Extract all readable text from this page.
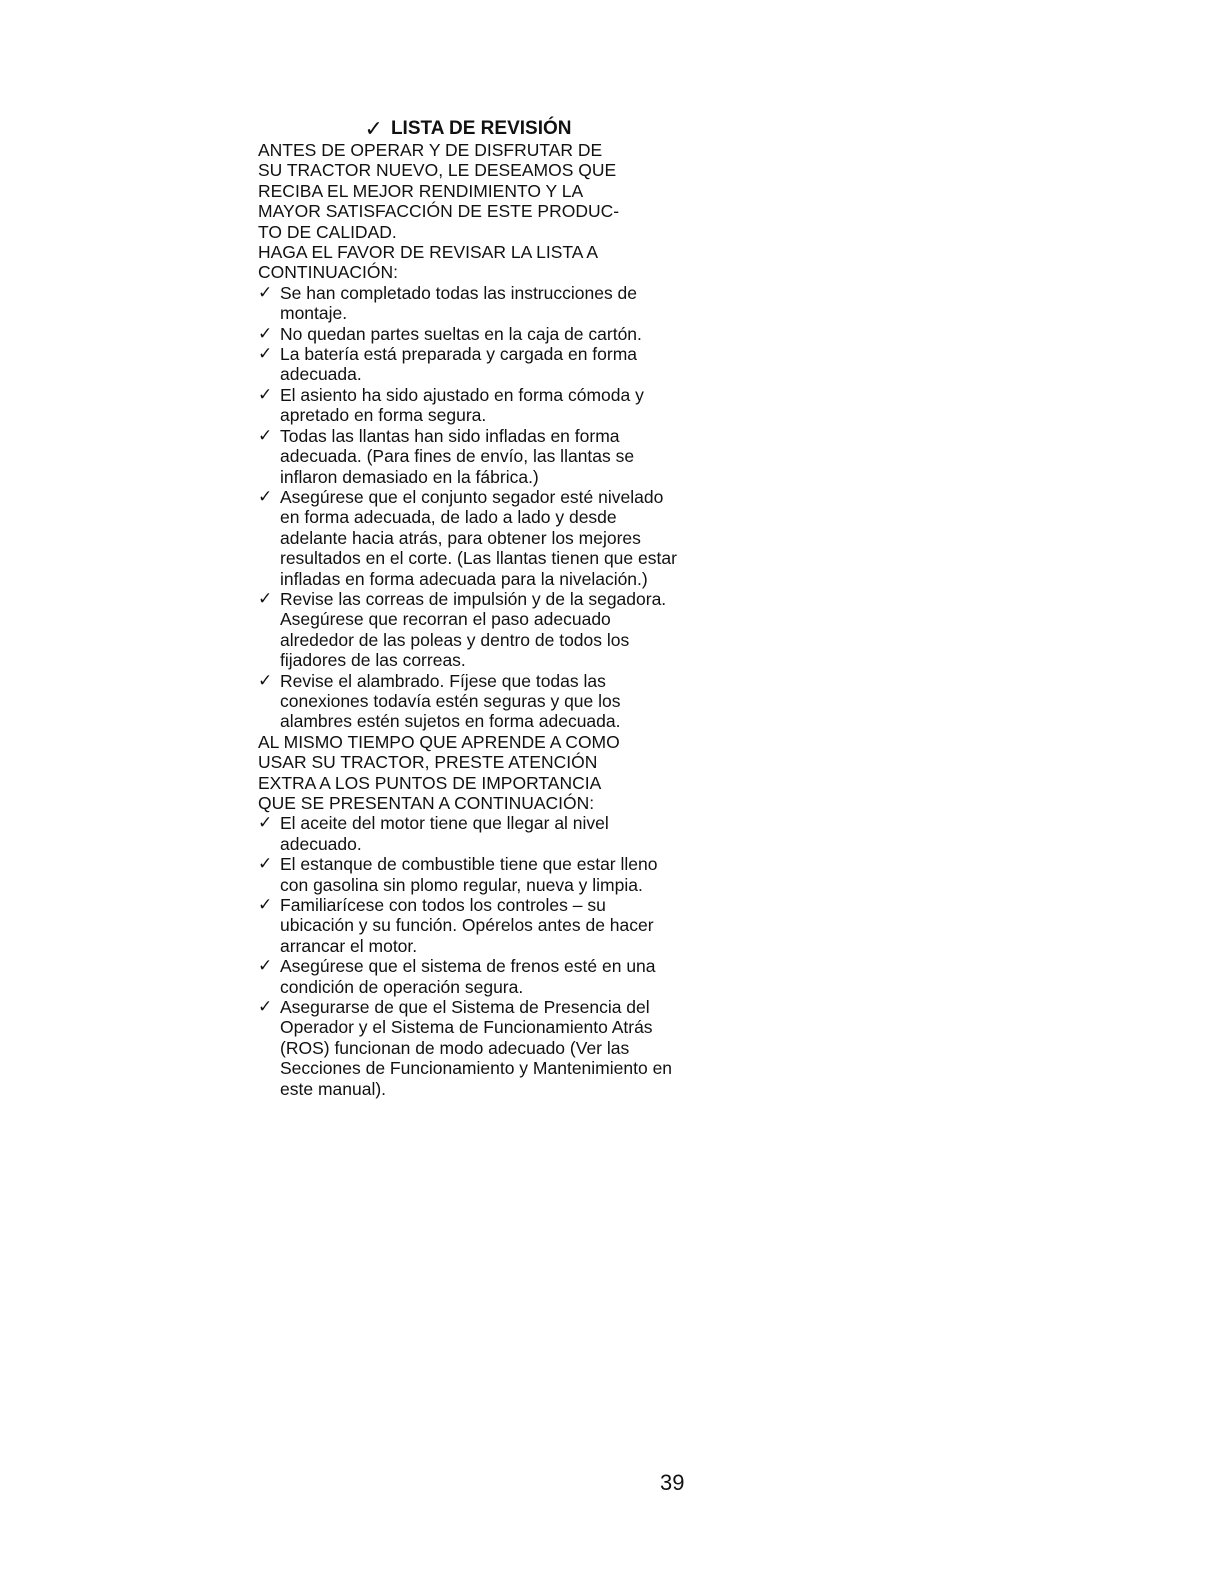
✓ LISTA DE REVISIÓN
ANTES DE OPERAR Y DE DISFRUTAR DE
SU TRACTOR NUEVO, LE DESEAMOS QUE
RECIBA EL MEJOR RENDIMIENTO Y LA
MAYOR SATISFACCIÓN DE ESTE PRODUC-
TO DE CALIDAD.
HAGA EL FAVOR DE REVISAR LA LISTA A
CONTINUACIÓN:
✓ Se han completado todas las instrucciones de montaje.
✓ No quedan partes sueltas en la caja de cartón.
✓ La batería está preparada y cargada en forma adecuada.
✓ El asiento ha sido ajustado en forma cómoda y apretado en forma segura.
✓ Todas las llantas han sido infladas en forma adecuada. (Para fines de envío, las llantas se inflaron demasiado en la fábrica.)
✓ Asegúrese que el conjunto segador esté nivelado en forma adecuada, de lado a lado y desde adelante hacia atrás, para obtener los mejores resultados en el corte. (Las llantas tienen que estar infladas en forma adecuada para la nivelación.)
✓ Revise las correas de impulsión y de la segadora. Asegúrese que recorran el paso adecuado alrededor de las poleas y dentro de todos los fijadores de las correas.
✓ Revise el alambrado. Fíjese que todas las conexiones todavía estén seguras y que los alambres estén sujetos en forma adecuada.
AL MISMO TIEMPO QUE APRENDE A COMO
USAR SU TRACTOR, PRESTE ATENCIÓN
EXTRA A LOS PUNTOS DE IMPORTANCIA
QUE SE PRESENTAN A CONTINUACIÓN:
✓ El aceite del motor tiene que llegar al nivel adecuado.
✓ El estanque de combustible tiene que estar lleno con gasolina sin plomo regular, nueva y limpia.
✓ Familiarícese con todos los controles – su ubicación y su función. Opérelos antes de hacer arrancar el motor.
✓ Asegúrese que el sistema de frenos esté en una condición de operación segura.
✓ Asegurarse de que el Sistema de Presencia del Operador y el Sistema de Funcionamiento Atrás (ROS) funcionan de modo adecuado (Ver las Secciones de Funcionamiento y Mantenimiento en este manual).
39
